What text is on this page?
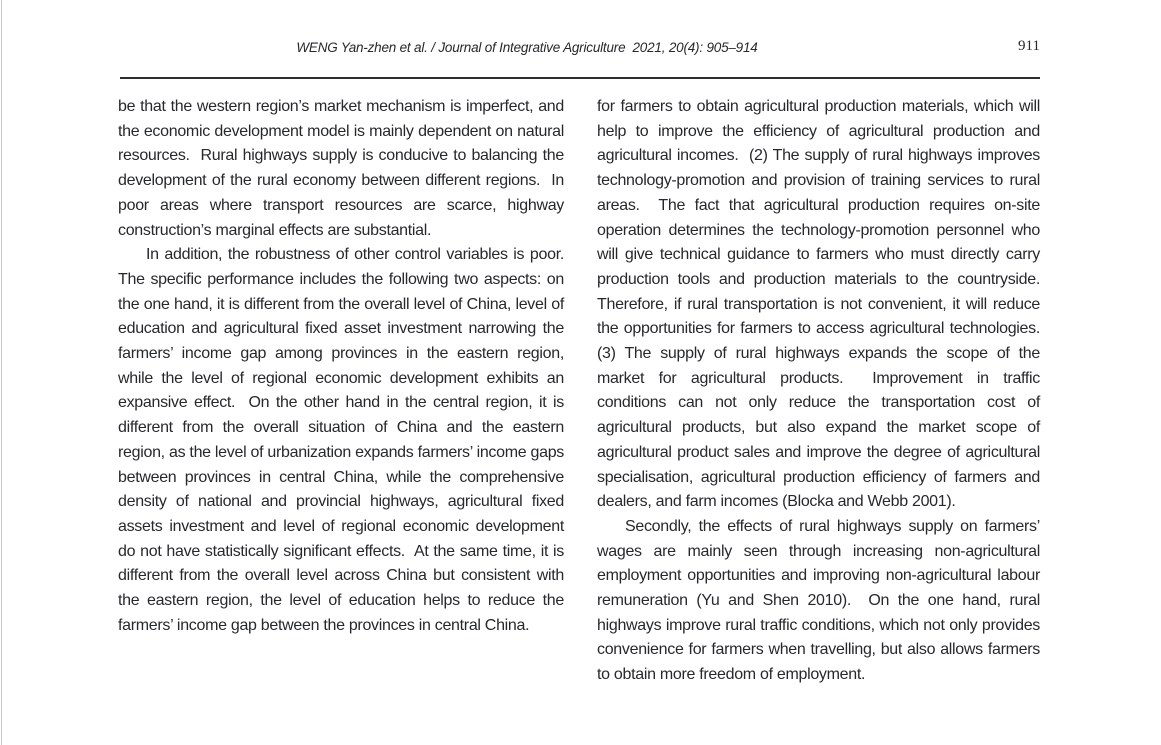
WENG Yan-zhen et al. / Journal of Integrative Agriculture  2021, 20(4): 905–914	911

be that the western region’s market mechanism is imperfect, and the economic development model is mainly dependent on natural resources.  Rural highways supply is conducive to balancing the development of the rural economy between different regions.  In poor areas where transport resources are scarce, highway construction’s marginal effects are substantial.

In addition, the robustness of other control variables is poor.  The specific performance includes the following two aspects: on the one hand, it is different from the overall level of China, level of education and agricultural fixed asset investment narrowing the farmers’ income gap among provinces in the eastern region, while the level of regional economic development exhibits an expansive effect.  On the other hand in the central region, it is different from the overall situation of China and the eastern region, as the level of urbanization expands farmers’ income gaps between provinces in central China, while the comprehensive density of national and provincial highways, agricultural fixed assets investment and level of regional economic development do not have statistically significant effects.  At the same time, it is different from the overall level across China but consistent with the eastern region, the level of education helps to reduce the farmers’ income gap between the provinces in central China.

for farmers to obtain agricultural production materials, which will help to improve the efficiency of agricultural production and agricultural incomes.  (2) The supply of rural highways improves technology-promotion and provision of training services to rural areas.  The fact that agricultural production requires on-site operation determines the technology-promotion personnel who will give technical guidance to farmers who must directly carry production tools and production materials to the countryside.  Therefore, if rural transportation is not convenient, it will reduce the opportunities for farmers to access agricultural technologies.  (3) The supply of rural highways expands the scope of the market for agricultural products.  Improvement in traffic conditions can not only reduce the transportation cost of agricultural products, but also expand the market scope of agricultural product sales and improve the degree of agricultural specialisation, agricultural production efficiency of farmers and dealers, and farm incomes (Blocka and Webb 2001).

Secondly, the effects of rural highways supply on farmers’ wages are mainly seen through increasing non-agricultural employment opportunities and improving non-agricultural labour remuneration (Yu and Shen 2010).  On the one hand, rural highways improve rural traffic conditions, which not only provides convenience for farmers when travelling, but also allows farmers to obtain more freedom of employment.
